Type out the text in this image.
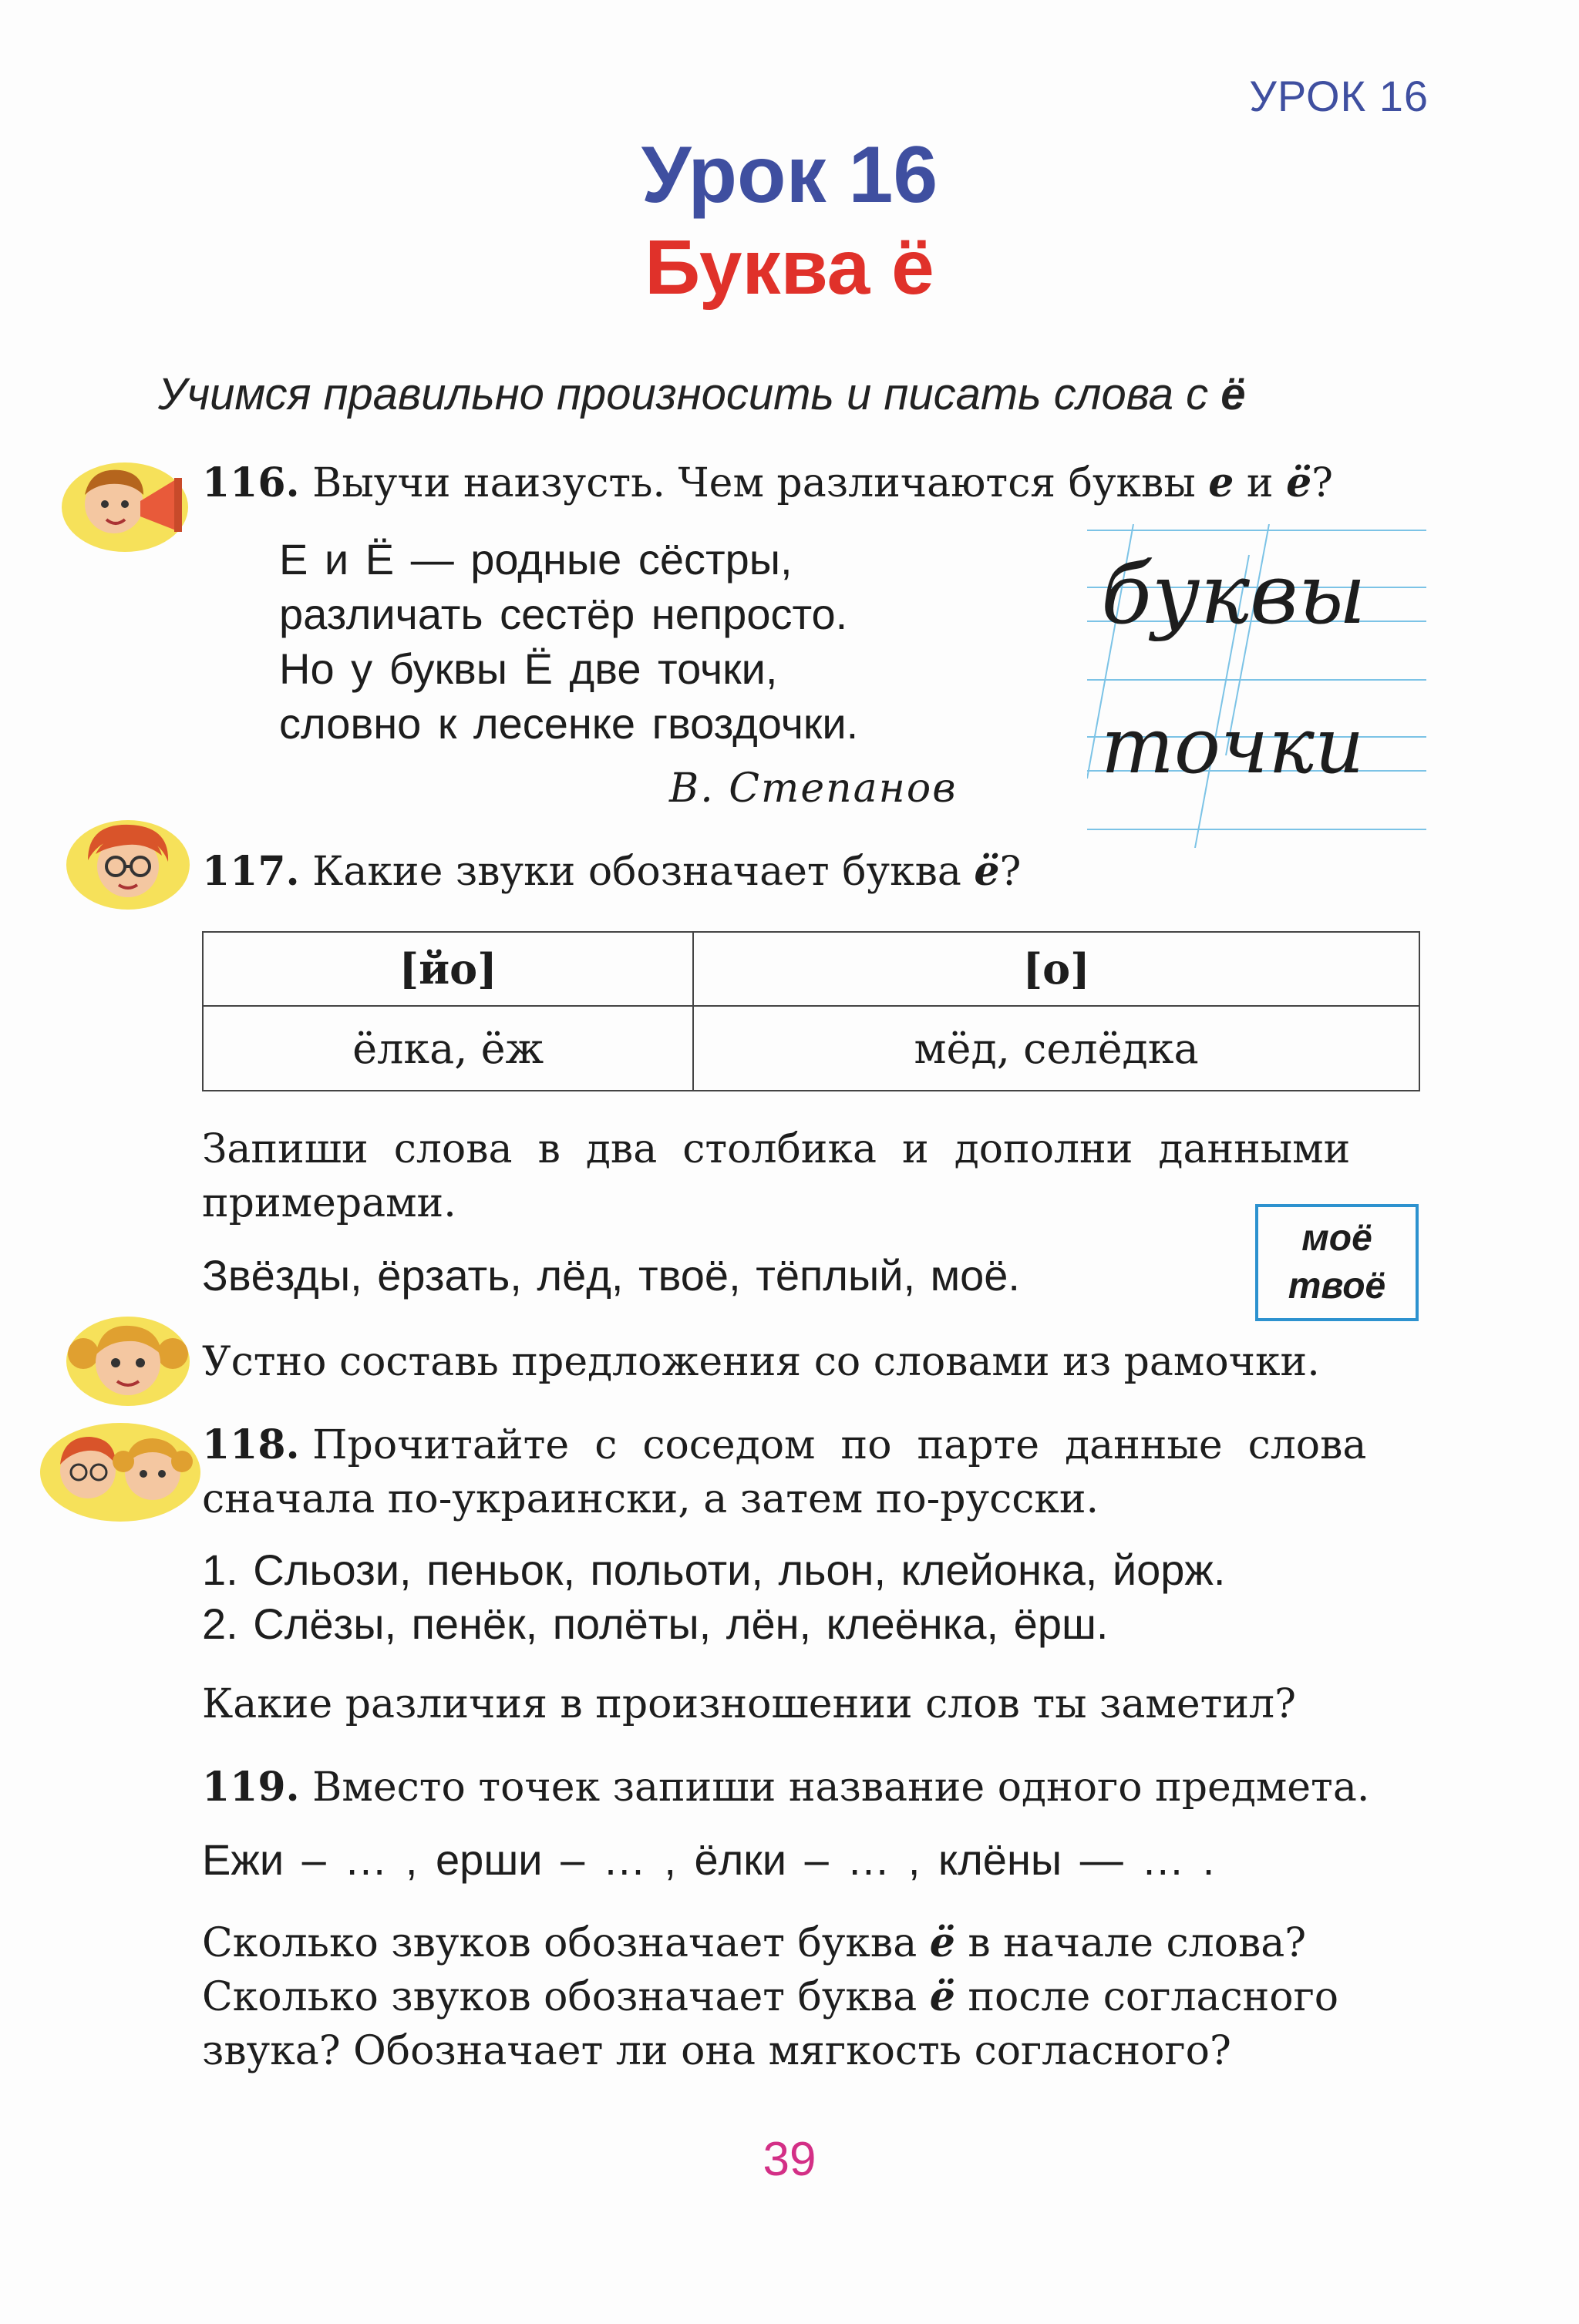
УРОК 16
Урок 16
Буква ё
Учимся правильно произносить и писать слова с ё
116. Выучи наизусть. Чем различаются буквы е и ё?
Е и Ё — родные сёстры,
различать сестёр непросто.
Но у буквы Ё две точки,
словно к лесенке гвоздочки.
В. Степанов
буквы
точки
117. Какие звуки обозначает буква ё?
[йо]	[о]
ёлка, ёж	мёд, селёдка
Запиши  слова  в  два  столбика  и  дополни  данными
примерами.
Звёзды, ёрзать, лёд, твоё, тёплый, моё.
моё
твоё
Устно составь предложения со словами из рамочки.
118. Прочитайте  с  соседом  по  парте  данные  слова
сначала по-украински, а затем по-русски.
1. Сльози, пеньок, польоти, льон, клейонка, йорж.
2. Слёзы, пенёк, полёты, лён, клеёнка, ёрш.
Какие различия в произношении слов ты заметил?
119. Вместо точек запиши название одного предмета.
Ежи – … , ерши – … , ёлки – … , клёны — … .
Сколько звуков обозначает буква ё в начале слова?
Сколько звуков обозначает буква ё после согласного
звука? Обозначает ли она мягкость согласного?
39
